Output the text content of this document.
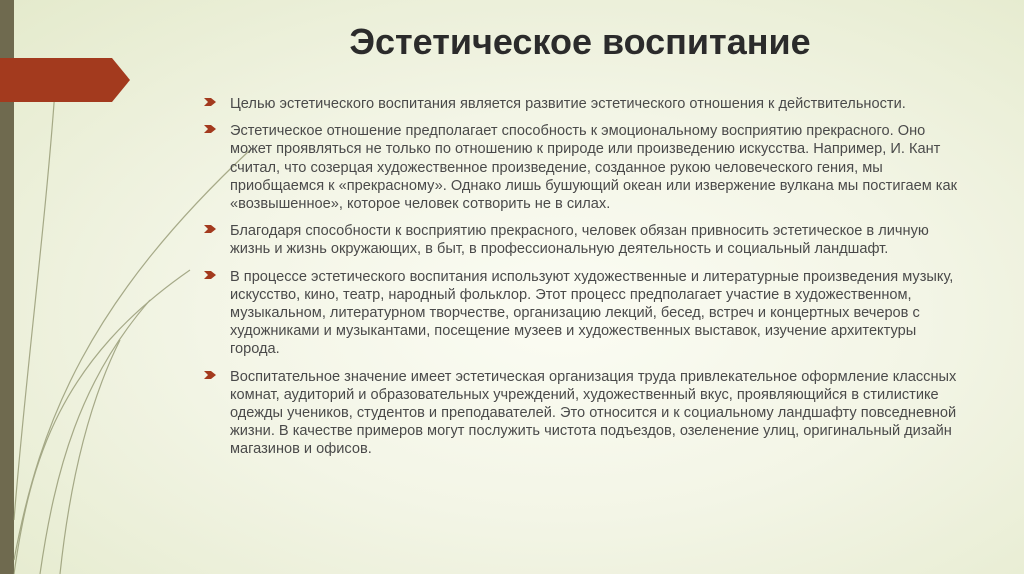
Эстетическое воспитание
Целью эстетического воспитания является развитие эстетического отношения к действительности.
Эстетическое отношение предполагает способность к эмоциональному восприятию прекрасного. Оно может проявляться не только по отношению к природе или произведению искусства. Например, И. Кант считал, что созерцая художественное произведение, созданное рукою человеческого гения, мы приобщаемся к «прекрасному». Однако лишь бушующий океан или извержение вулкана мы постигаем как «возвышенное», которое человек сотворить не в силах.
Благодаря способности к восприятию прекрасного, человек обязан привносить эстетическое в личную жизнь и жизнь окружающих, в быт, в профессиональную деятельность и социальный ландшафт.
В процессе эстетического воспитания используют художественные и литературные произведения музыку, искусство, кино, театр, народный фольклор. Этот процесс предполагает участие в художественном, музыкальном, литературном творчестве, организацию лекций, бесед, встреч и концертных вечеров с художниками и музыкантами, посещение музеев и художественных выставок, изучение архитектуры города.
Воспитательное значение имеет эстетическая организация труда привлекательное оформление классных комнат, аудиторий и образовательных учреждений, художественный вкус, проявляющийся в стилистике одежды учеников, студентов и преподавателей. Это относится и к социальному ландшафту повседневной жизни. В качестве примеров могут послужить чистота подъездов, озеленение улиц, оригинальный дизайн магазинов и офисов.
